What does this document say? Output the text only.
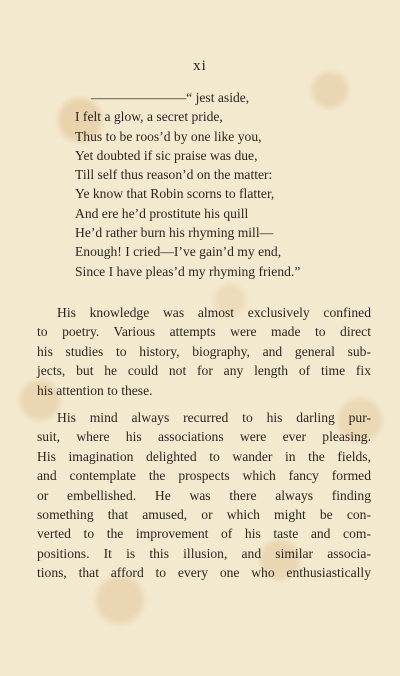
xi
———————“ jest aside,
I felt a glow, a secret pride,
Thus to be roos’d by one like you,
Yet doubted if sic praise was due,
Till self thus reason’d on the matter:
Ye know that Robin scorns to flatter,
And ere he’d prostitute his quill
He’d rather burn his rhyming mill—
Enough! I cried—I’ve gain’d my end,
Since I have pleas’d my rhyming friend.”
His knowledge was almost exclusively confined
to poetry. Various attempts were made to direct
his studies to history, biography, and general sub-
jects, but he could not for any length of time fix
his attention to these.
His mind always recurred to his darling pur-
suit, where his associations were ever pleasing.
His imagination delighted to wander in the fields,
and contemplate the prospects which fancy formed
or embellished. He was there always finding
something that amused, or which might be con-
verted to the improvement of his taste and com-
positions. It is this illusion, and similar associa-
tions, that afford to every one who enthusiastically
